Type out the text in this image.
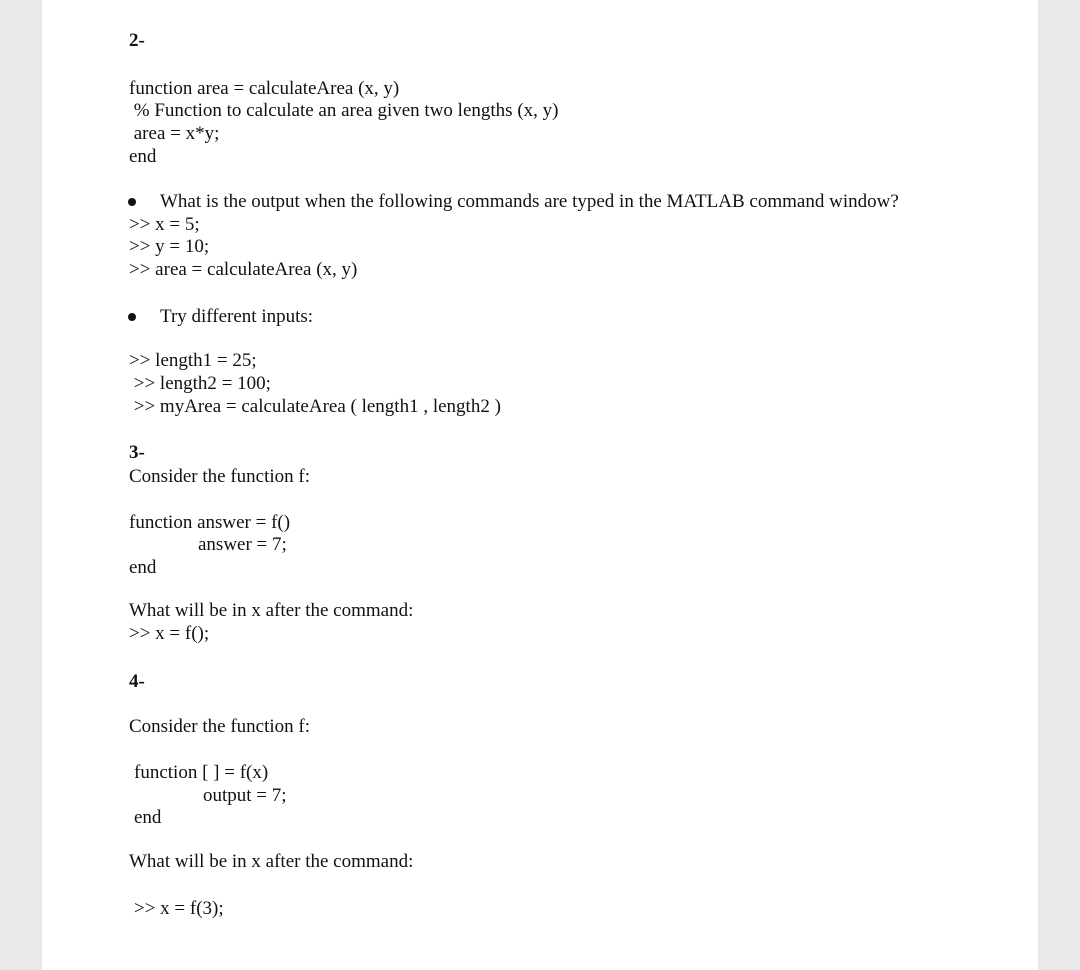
2-

function area = calculateArea (x, y)

% Function to calculate an area given two lengths (x, y)

area = x*y;

end

What is the output when the following commands are typed in the MATLAB command window?

>> x = 5;

>> y = 10;

>> area = calculateArea (x, y)

Try different inputs:

>> length1 = 25;

>> length2 = 100;

>> myArea = calculateArea ( length1 , length2 )

3-

Consider the function f:

function answer = f()

answer = 7;

end

What will be in x after the command:

>> x = f();

4-

Consider the function f:

function [ ] = f(x)

output = 7;

end

What will be in x after the command:

>> x = f(3);
